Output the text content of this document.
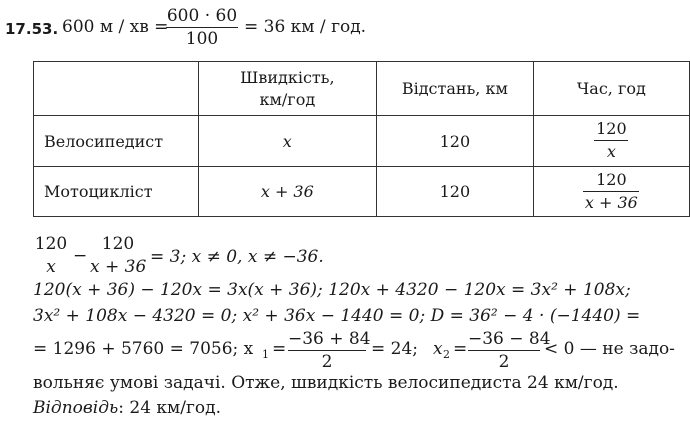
17.53. 600 м / хв =
600 · 60
100
= 36 км / год.
	Швидкість,
км/год	Відстань, км	Час, год
Велосипедист	x	120	$\frac{120}{x}$

Мотоцикліст	x + 36	120	$\frac{120}{x + 36}$
120
x
−
120
x + 36 = 3; x ≠ 0, x ≠ −36.
120(x + 36) − 120x = 3x(x + 36); 120x + 4320 − 120x = 3x² + 108x;
3x² + 108x − 4320 = 0; x² + 36x − 1440 = 0; D = 36² − 4 · (−1440) =
= 1296 + 5760 = 7056; x 1 = −36 + 84
2
= 24; x 2 = −36 − 84
2
< 0 — не задо-
вольняє умові задачі. Отже, швидкість велосипедиста 24 км/год.
Відповідь: 24 км/год.
